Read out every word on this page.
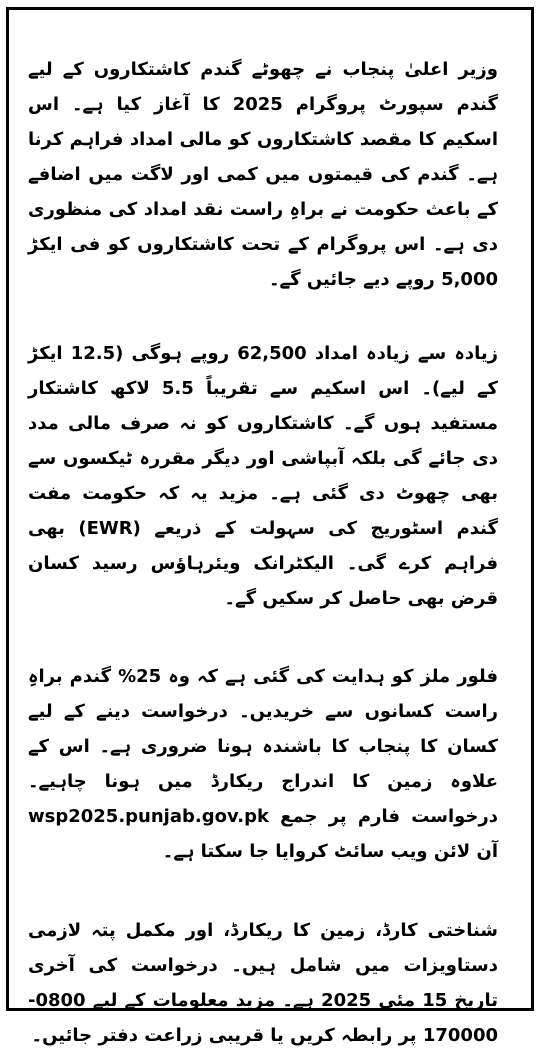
وزیر اعلیٰ پنجاب نے چھوٹے گندم کاشتکاروں کے لیے گندم سپورٹ پروگرام 2025 کا آغاز کیا ہے۔ اس اسکیم کا مقصد کاشتکاروں کو مالی امداد فراہم کرنا ہے۔ گندم کی قیمتوں میں کمی اور لاگت میں اضافے کے باعث حکومت نے براہِ راست نقد امداد کی منظوری دی ہے۔ اس پروگرام کے تحت کاشتکاروں کو فی ایکڑ 5,000 روپے دیے جائیں گے۔

زیادہ سے زیادہ امداد 62,500 روپے ہوگی (12.5 ایکڑ کے لیے)۔ اس اسکیم سے تقریباً 5.5 لاکھ کاشتکار مستفید ہوں گے۔ کاشتکاروں کو نہ صرف مالی مدد دی جائے گی بلکہ آبپاشی اور دیگر مقررہ ٹیکسوں سے بھی چھوٹ دی گئی ہے۔ مزید یہ کہ حکومت مفت گندم اسٹوریج کی سہولت کے ذریعے (EWR) بھی فراہم کرے گی۔ الیکٹرانک ویئرہاؤس رسید کسان قرض بھی حاصل کر سکیں گے۔

فلور ملز کو ہدایت کی گئی ہے کہ وہ 25% گندم براہِ راست کسانوں سے خریدیں۔ درخواست دینے کے لیے کسان کا پنجاب کا باشندہ ہونا ضروری ہے۔ اس کے علاوہ زمین کا اندراج ریکارڈ میں ہونا چاہیے۔ درخواست فارم پر جمع wsp2025.punjab.gov.pk آن لائن ویب سائٹ کروایا جا سکتا ہے۔

شناختی کارڈ، زمین کا ریکارڈ، اور مکمل پتہ لازمی دستاویزات میں شامل ہیں۔ درخواست کی آخری تاریخ 15 مئی 2025 ہے۔ مزید معلومات کے لیے 0800-170000 پر رابطہ کریں یا قریبی زراعت دفتر جائیں۔
